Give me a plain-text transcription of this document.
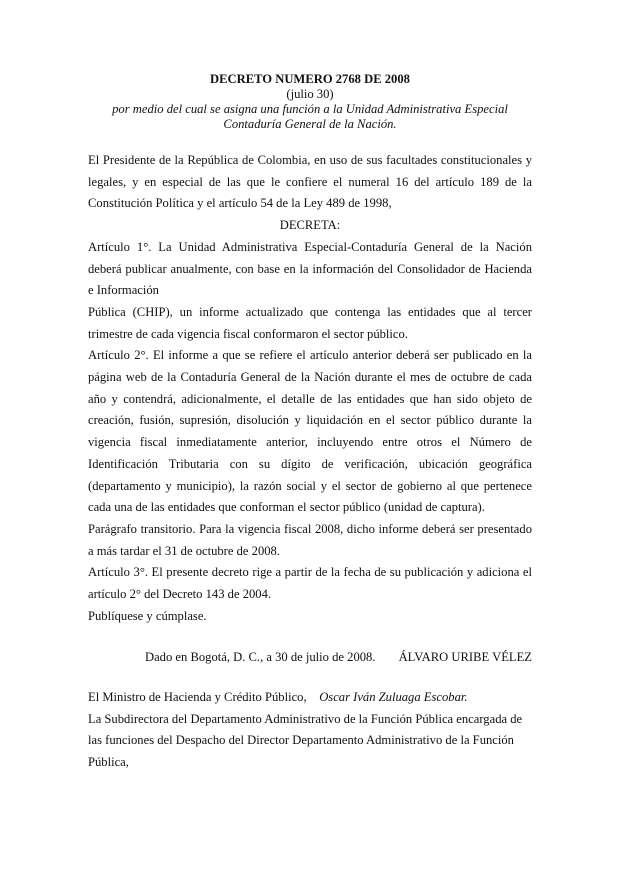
DECRETO NUMERO 2768 DE 2008
(julio 30)
por medio del cual se asigna una función a la Unidad Administrativa Especial
Contaduría General de la Nación.

El Presidente de la República de Colombia, en uso de sus facultades constitucionales y legales, y en especial de las que le confiere el numeral 16 del artículo 189 de la Constitución Política y el artículo 54 de la Ley 489 de 1998,

DECRETA:

Artículo 1°. La Unidad Administrativa Especial-Contaduría General de la Nación deberá publicar anualmente, con base en la información del Consolidador de Hacienda e Información

Pública (CHIP), un informe actualizado que contenga las entidades que al tercer trimestre de cada vigencia fiscal conformaron el sector público.

Artículo 2°. El informe a que se refiere el artículo anterior deberá ser publicado en la página web de la Contaduría General de la Nación durante el mes de octubre de cada año y contendrá, adicionalmente, el detalle de las entidades que han sido objeto de creación, fusión, supresión, disolución y liquidación en el sector público durante la vigencia fiscal inmediatamente anterior, incluyendo entre otros el Número de Identificación Tributaria con su dígito de verificación, ubicación geográfica (departamento y municipio), la razón social y el sector de gobierno al que pertenece cada una de las entidades que conforman el sector público (unidad de captura).

Parágrafo transitorio. Para la vigencia fiscal 2008, dicho informe deberá ser presentado a más tardar el 31 de octubre de 2008.

Artículo 3°. El presente decreto rige a partir de la fecha de su publicación y adiciona el artículo 2° del Decreto 143 de 2004.

Publíquese y cúmplase.

Dado en Bogotá, D. C., a 30 de julio de 2008. ÁLVARO URIBE VÉLEZ

El Ministro de Hacienda y Crédito Público, Oscar Iván Zuluaga Escobar.

La Subdirectora del Departamento Administrativo de la Función Pública encargada de las funciones del Despacho del Director Departamento Administrativo de la Función Pública,
